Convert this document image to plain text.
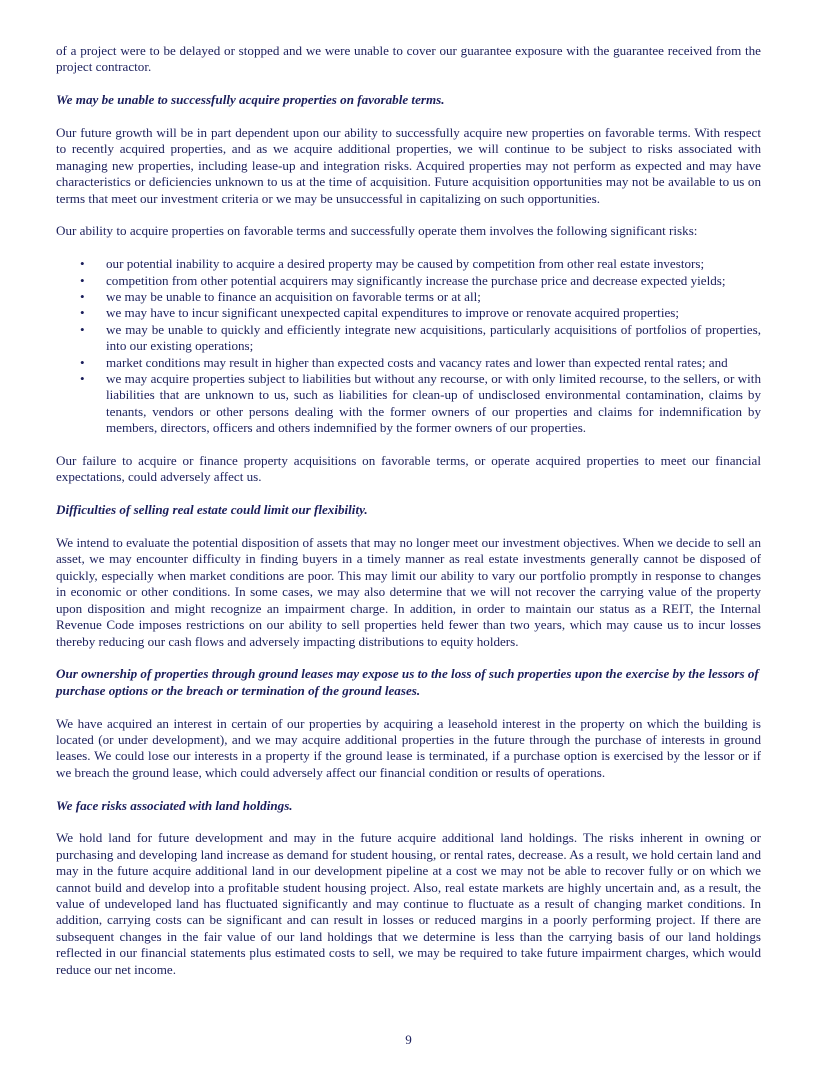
of a project were to be delayed or stopped and we were unable to cover our guarantee exposure with the guarantee received from the project contractor.

We may be unable to successfully acquire properties on favorable terms.

Our future growth will be in part dependent upon our ability to successfully acquire new properties on favorable terms. With respect to recently acquired properties, and as we acquire additional properties, we will continue to be subject to risks associated with managing new properties, including lease-up and integration risks. Acquired properties may not perform as expected and may have characteristics or deficiencies unknown to us at the time of acquisition. Future acquisition opportunities may not be available to us on terms that meet our investment criteria or we may be unsuccessful in capitalizing on such opportunities.

Our ability to acquire properties on favorable terms and successfully operate them involves the following significant risks:

• our potential inability to acquire a desired property may be caused by competition from other real estate investors;
• competition from other potential acquirers may significantly increase the purchase price and decrease expected yields;
• we may be unable to finance an acquisition on favorable terms or at all;
• we may have to incur significant unexpected capital expenditures to improve or renovate acquired properties;
• we may be unable to quickly and efficiently integrate new acquisitions, particularly acquisitions of portfolios of properties, into our existing operations;
• market conditions may result in higher than expected costs and vacancy rates and lower than expected rental rates; and
• we may acquire properties subject to liabilities but without any recourse, or with only limited recourse, to the sellers, or with liabilities that are unknown to us, such as liabilities for clean-up of undisclosed environmental contamination, claims by tenants, vendors or other persons dealing with the former owners of our properties and claims for indemnification by members, directors, officers and others indemnified by the former owners of our properties.

Our failure to acquire or finance property acquisitions on favorable terms, or operate acquired properties to meet our financial expectations, could adversely affect us.

Difficulties of selling real estate could limit our flexibility.

We intend to evaluate the potential disposition of assets that may no longer meet our investment objectives. When we decide to sell an asset, we may encounter difficulty in finding buyers in a timely manner as real estate investments generally cannot be disposed of quickly, especially when market conditions are poor. This may limit our ability to vary our portfolio promptly in response to changes in economic or other conditions. In some cases, we may also determine that we will not recover the carrying value of the property upon disposition and might recognize an impairment charge. In addition, in order to maintain our status as a REIT, the Internal Revenue Code imposes restrictions on our ability to sell properties held fewer than two years, which may cause us to incur losses thereby reducing our cash flows and adversely impacting distributions to equity holders.

Our ownership of properties through ground leases may expose us to the loss of such properties upon the exercise by the lessors of purchase options or the breach or termination of the ground leases.

We have acquired an interest in certain of our properties by acquiring a leasehold interest in the property on which the building is located (or under development), and we may acquire additional properties in the future through the purchase of interests in ground leases. We could lose our interests in a property if the ground lease is terminated, if a purchase option is exercised by the lessor or if we breach the ground lease, which could adversely affect our financial condition or results of operations.

We face risks associated with land holdings.

We hold land for future development and may in the future acquire additional land holdings. The risks inherent in owning or purchasing and developing land increase as demand for student housing, or rental rates, decrease. As a result, we hold certain land and may in the future acquire additional land in our development pipeline at a cost we may not be able to recover fully or on which we cannot build and develop into a profitable student housing project. Also, real estate markets are highly uncertain and, as a result, the value of undeveloped land has fluctuated significantly and may continue to fluctuate as a result of changing market conditions. In addition, carrying costs can be significant and can result in losses or reduced margins in a poorly performing project. If there are subsequent changes in the fair value of our land holdings that we determine is less than the carrying basis of our land holdings reflected in our financial statements plus estimated costs to sell, we may be required to take future impairment charges, which would reduce our net income.

9
